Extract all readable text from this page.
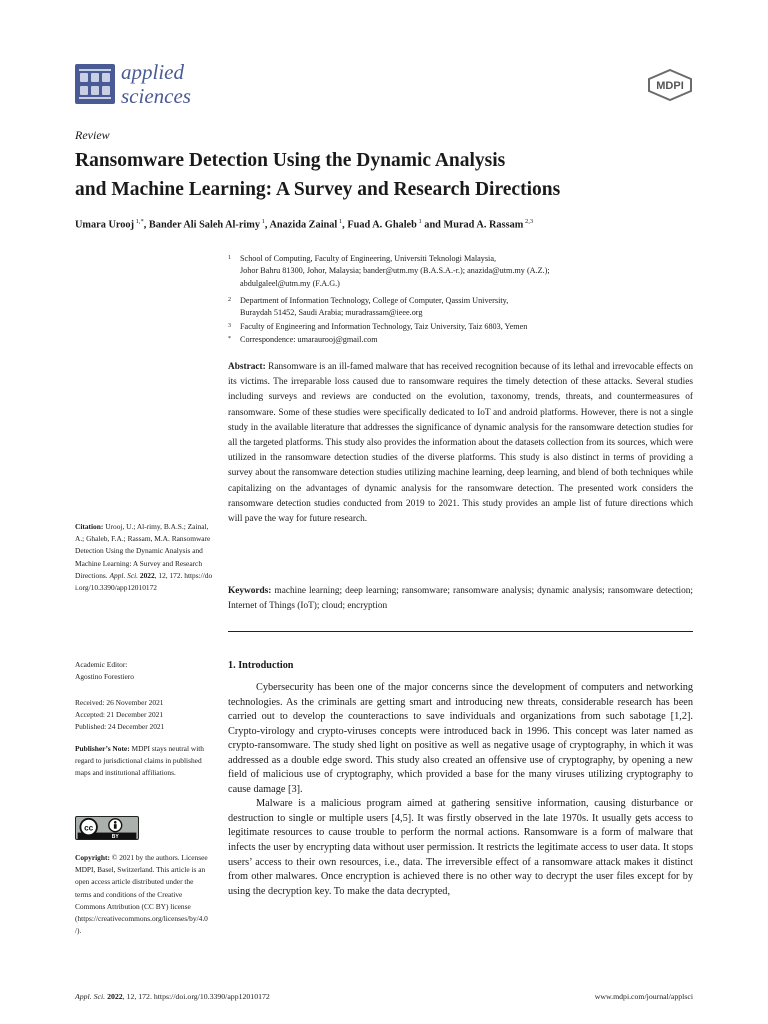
applied
sciences	MDPI
Review
Ransomware Detection Using the Dynamic Analysis
and Machine Learning: A Survey and Research Directions
Umara Urooj $^{1,*}$, Bander Ali Saleh Al-rimy $^1$, Anazida Zainal $^1$, Fuad A. Ghaleb $^1$ and Murad A. Rassam $^{2,3}$
1 School of Computing, Faculty of Engineering, Universiti Teknologi Malaysia,
Johor Bahru 81300, Johor, Malaysia; bander@utm.my (B.A.S.A.-r.); anazida@utm.my (A.Z.);
abdulgaleel@utm.my (F.A.G.)
2 Department of Information Technology, College of Computer, Qassim University,
Buraydah 51452, Saudi Arabia; muradrassam@ieee.org
3 Faculty of Engineering and Information Technology, Taiz University, Taiz 6803, Yemen
* Correspondence: umaraurooj@gmail.com
Abstract: Ransomware is an ill-famed malware that has received recognition because of its lethal and irrevocable effects on its victims. The irreparable loss caused due to ransomware requires the timely detection of these attacks. Several studies including surveys and reviews are conducted on the evolution, taxonomy, trends, threats, and countermeasures of ransomware. Some of these studies were specifically dedicated to IoT and android platforms. However, there is not a single study in the available literature that addresses the significance of dynamic analysis for the ransomware detection studies for all the targeted platforms. This study also provides the information about the datasets collection from its sources, which were utilized in the ransomware detection studies of the diverse platforms. This study is also distinct in terms of providing a survey about the ransomware detection studies utilizing machine learning, deep learning, and blend of both techniques while capitalizing on the advantages of dynamic analysis for the ransomware detection. The presented work considers the ransomware detection studies conducted from 2019 to 2021. This study provides an ample list of future directions which will pave the way for future research.
Keywords: machine learning; deep learning; ransomware; ransomware analysis; dynamic analysis; ransomware detection; Internet of Things (IoT); cloud; encryption
Citation: Urooj, U.; Al-rimy, B.A.S.; Zainal, A.; Ghaleb, F.A.; Rassam, M.A. Ransomware Detection Using the Dynamic Analysis and Machine Learning: A Survey and Research Directions. Appl. Sci. 2022, 12, 172. https://doi.org/10.3390/app12010172
Academic Editor:
Agostino Forestiero
Received: 26 November 2021
Accepted: 21 December 2021
Published: 24 December 2021
Publisher’s Note: MDPI stays neutral with regard to jurisdictional claims in published maps and institutional affiliations.
cc
BY
Copyright: © 2021 by the authors. Licensee MDPI, Basel, Switzerland. This article is an open access article distributed under the terms and conditions of the Creative Commons Attribution (CC BY) license (https://creativecommons.org/licenses/by/4.0/).
1. Introduction

Cybersecurity has been one of the major concerns since the development of computers and networking technologies. As the criminals are getting smart and introducing new threats, considerable research has been carried out to develop the counteractions to save individuals and organizations from such sabotage [1,2]. Crypto-virology and crypto-viruses concepts were introduced back in 1996. This concept was later named as crypto-ransomware. The study shed light on positive as well as negative usage of cryptography, in which it was addressed as a double edge sword. This study also created an offensive use of cryptography, by opening a new field of malicious use of cryptography, which provided a base for the many viruses utilizing cryptography to cause damage [3].

Malware is a malicious program aimed at gathering sensitive information, causing disturbance or destruction to single or multiple users [4,5]. It was firstly observed in the late 1970s. It usually gets access to legitimate resources to cause trouble to perform the normal actions. Ransomware is a form of malware that infects the user by encrypting data without user permission. It restricts the legitimate access to user data. It stops users’ access to their own resources, i.e., data. The irreversible effect of a ransomware attack makes it distinct from other malwares. Once encryption is achieved there is no other way to decrypt the user files except for by using the decryption key. To make the data decrypted,

Appl. Sci. 2022, 12, 172. https://doi.org/10.3390/app12010172	www.mdpi.com/journal/applsci
